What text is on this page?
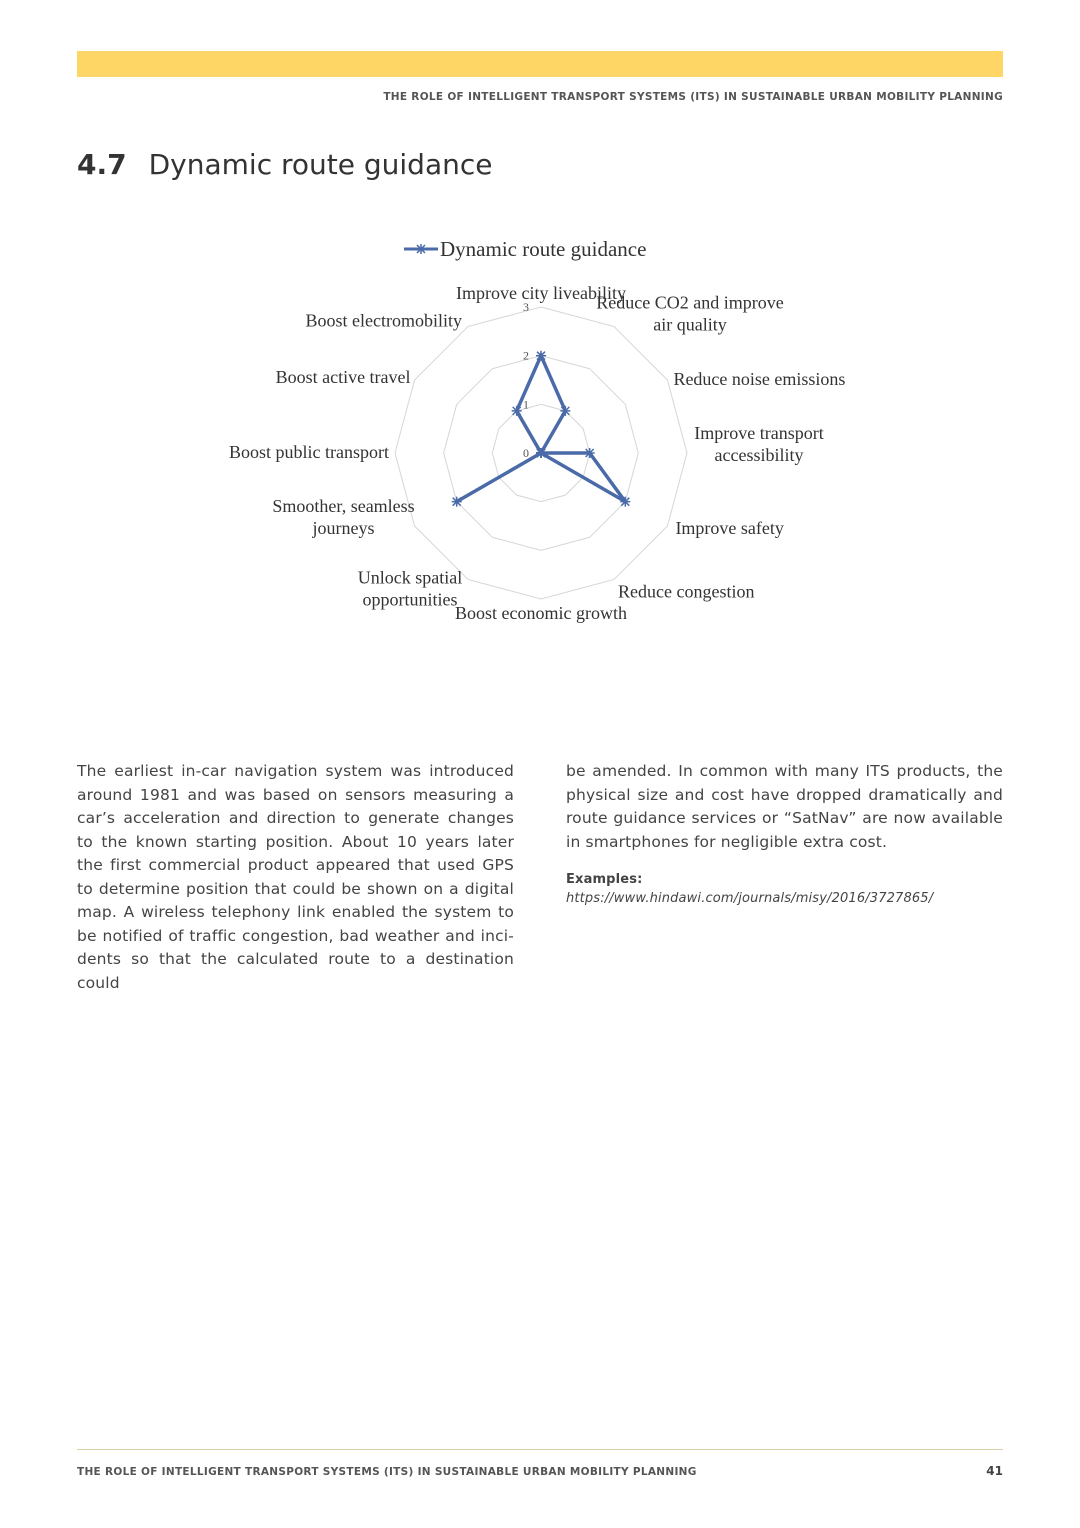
THE ROLE OF INTELLIGENT TRANSPORT SYSTEMS (ITS) IN SUSTAINABLE URBAN MOBILITY PLANNING
4.7 Dynamic route guidance
Improve city liveability
Reduce CO2 and improve air quality
Reduce noise emissions
Improve transport accessibility
Improve safety
Reduce congestion
Boost economic growth
Unlock spatial opportunities
Smoother, seamless journeys
Boost public transport
Boost active travel
Boost electromobility
0
1
2
3
Dynamic route guidance
The earliest in-car navigation system was introduced around 1981 and was based on sensors measuring a car’s acceleration and direction to generate changes to the known starting position. About 10 years later the first commercial product appeared that used GPS to determine position that could be shown on a digital map. A wireless telephony link enabled the system to be notified of traffic congestion, bad weather and inci-dents so that the calculated route to a destination could
be amended. In common with many ITS products, the physical size and cost have dropped dramatically and route guidance services or “SatNav” are now available in smartphones for negligible extra cost.
Examples:
https://www.hindawi.com/journals/misy/2016/3727865/
THE ROLE OF INTELLIGENT TRANSPORT SYSTEMS (ITS) IN SUSTAINABLE URBAN MOBILITY PLANNING	41
